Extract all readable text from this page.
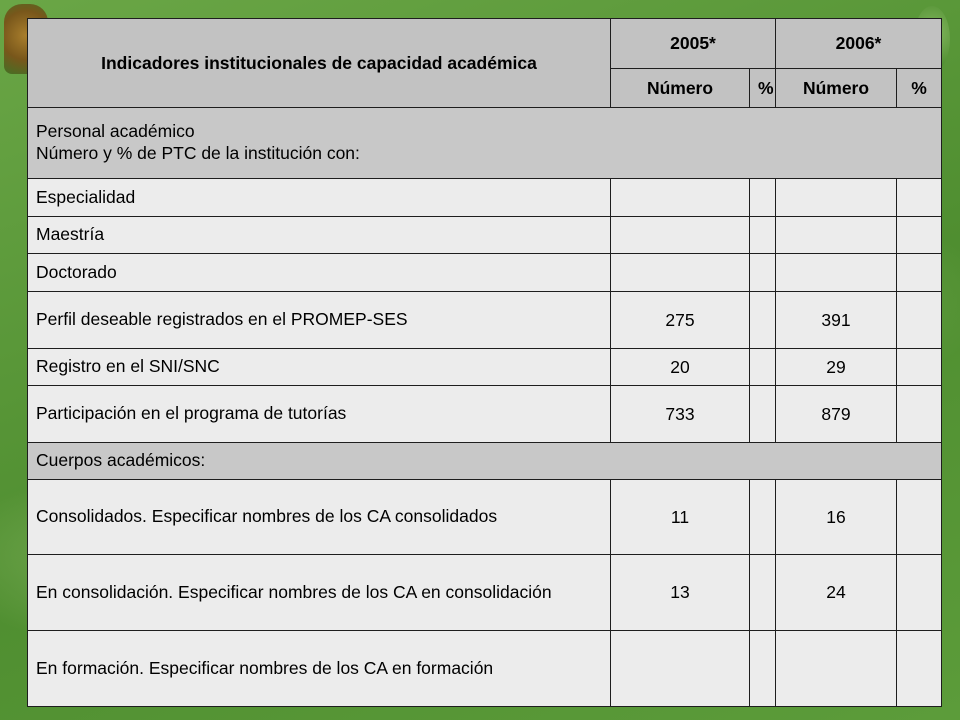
Indicadores institucionales de capacidad académica	2005*		2006*	
	Número	%	Número	%
Personal académico
Número y % de PTC de la institución con:				
Especialidad				
Maestría				
Doctorado				
Perfil deseable registrados en el PROMEP-SES	275		391	
Registro en el SNI/SNC	20		29	
Participación en el programa de tutorías	733		879	
Cuerpos académicos:				
Consolidados. Especificar nombres de los CA consolidados	11		16	
En consolidación. Especificar nombres de los CA en consolidación	13		24	
En formación. Especificar nombres de los CA en formación				
